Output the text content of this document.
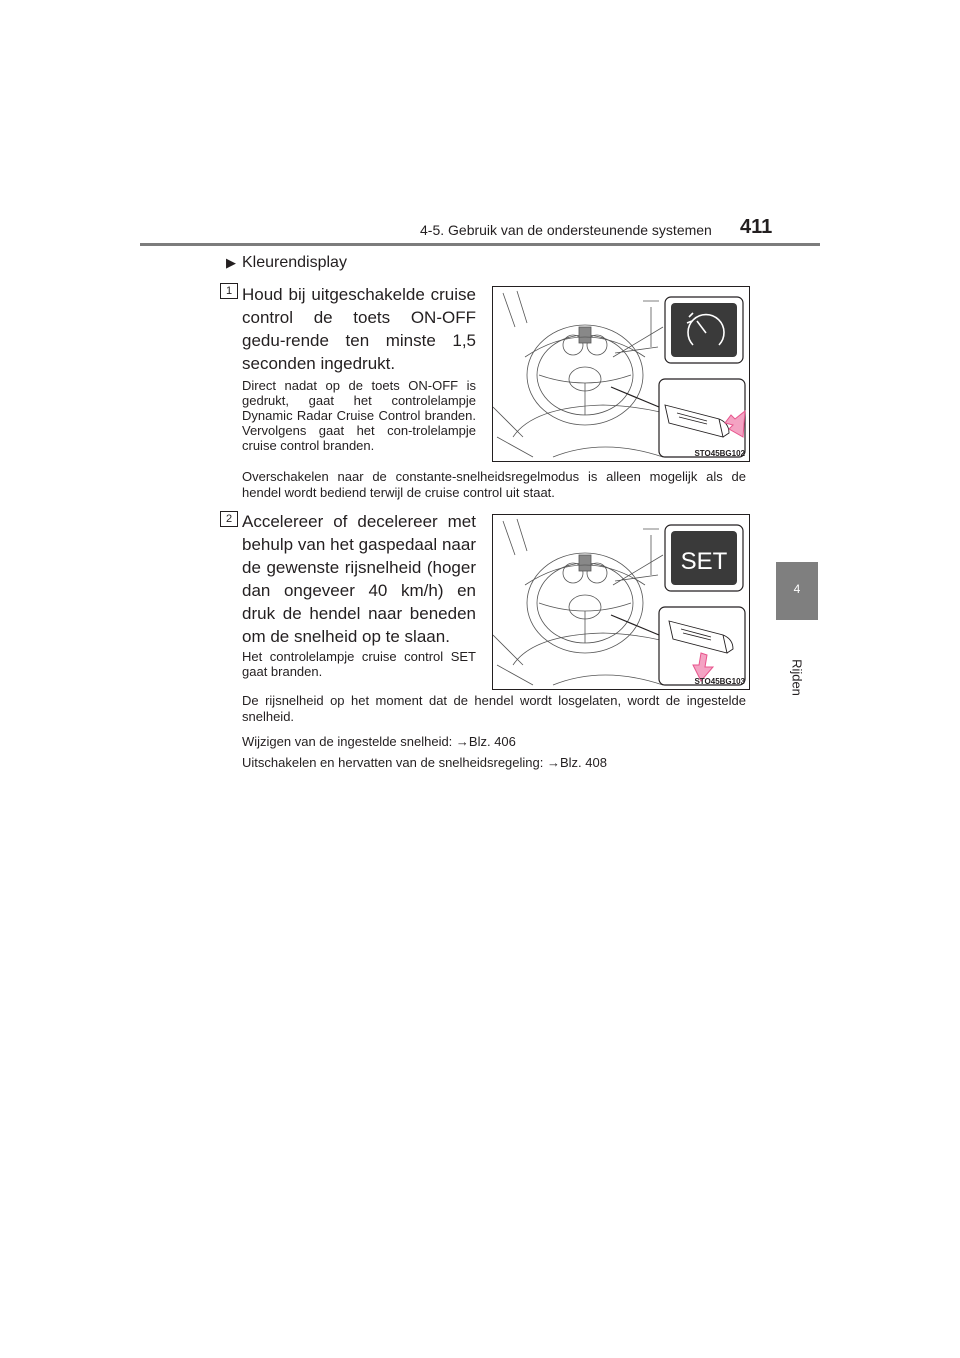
4-5. Gebruik van de ondersteunende systemen 411
4
Rijden
▶ Kleurendisplay
1 Houd bij uitgeschakelde cruise control de toets ON-OFF gedu-rende ten minste 1,5 seconden ingedrukt.
Direct nadat op de toets ON-OFF is gedrukt, gaat het controlelampje Dynamic Radar Cruise Control branden. Vervolgens gaat het con-trolelampje cruise control branden.
STO45BG102
Overschakelen naar de constante-snelheidsregelmodus is alleen mogelijk als de hendel wordt bediend terwijl de cruise control uit staat.
2 Accelereer of decelereer met behulp van het gaspedaal naar de gewenste rijsnelheid (hoger dan ongeveer 40 km/h) en druk de hendel naar beneden om de snelheid op te slaan.
Het controlelampje cruise control SET gaat branden.
SET
STO45BG103
De rijsnelheid op het moment dat de hendel wordt losgelaten, wordt de ingestelde snelheid.
Wijzigen van de ingestelde snelheid: →Blz. 406
Uitschakelen en hervatten van de snelheidsregeling: →Blz. 408
